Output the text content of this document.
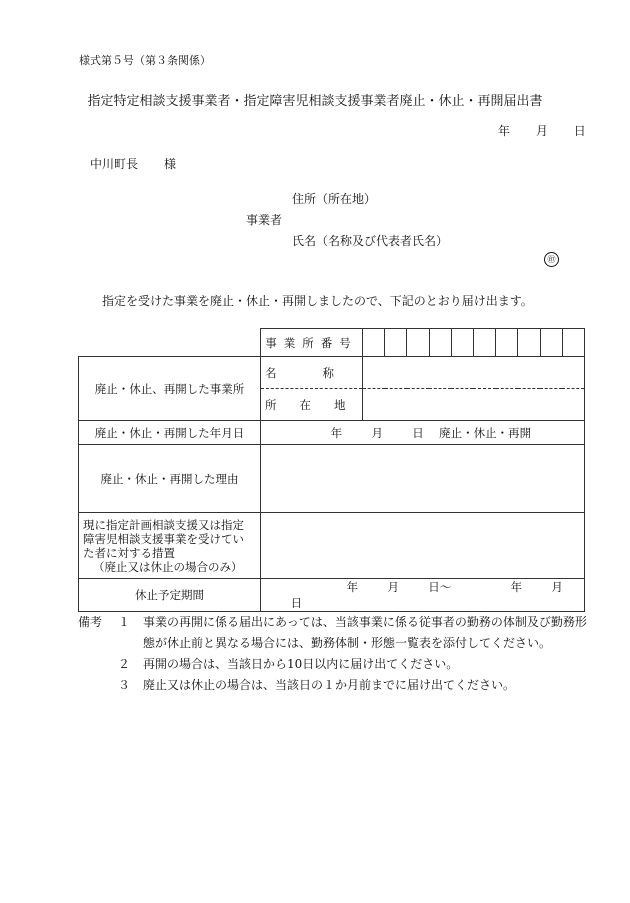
様式第５号（第３条関係）
指定特定相談支援事業者・指定障害児相談支援事業者廃止・休止・再開届出書
年 月 日
中川町長 様
住所（所在地）
事業者
氏名（名称及び代表者氏名）
㊞
指定を受けた事業を廃止・休止・再開しましたので、下記のとおり届け出ます。
	事業所番号										
廃止・休止、再開した事業所	名　　　　称										
	所　　在　　地										
廃止・休止・再開した年月日	年 月 日 廃止・休止・再開										
廃止・休止・再開した理由											

現に指定計画相談支援又は指定
障害児相談支援事業を受けてい
た者に対する措置
（廃止又は休止の場合のみ）											

休止予定期間	年 月 日〜 年 月  日										
備考	１	事業の再開に係る届出にあっては、当該事業に係る従事者の勤務の体制及び勤務形
態が休止前と異なる場合には、勤務体制・形態一覧表を添付してください。
２	再開の場合は、当該日から10日以内に届け出てください。
３	廃止又は休止の場合は、当該日の１か月前までに届け出てください。
